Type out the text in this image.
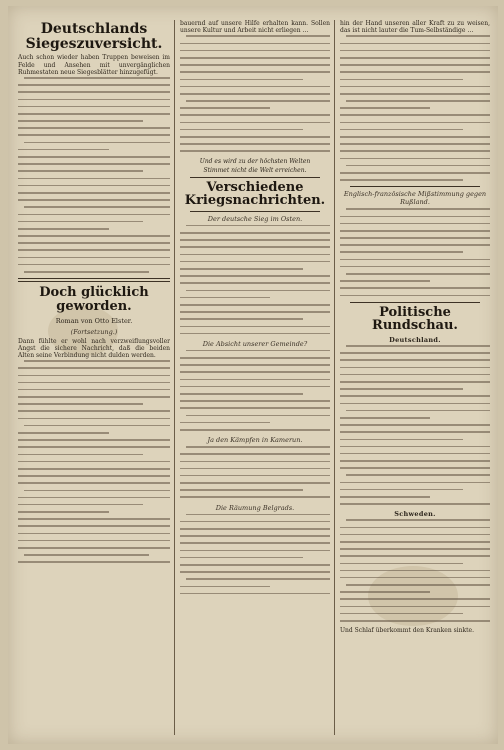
Deutschlands Siegeszuversicht.
Auch schon wieder haben Truppen beweisen im Felde und Ansehen mit unvergänglichen Ruhmestaten neue Siegesblätter hinzugefügt.
Doch glücklich geworden.
Roman von Otto Elster.
(Fortsetzung.)
Dann fühlte er wohl nach verzweiflungsvoller Angst die sichere Nachricht, daß die beiden Alten seine Verbindung nicht dulden werden.
bauernd auf unsere Hilfe erhalten kann. Sollen unsere Kultur und Arbeit nicht erliegen …
Und es wird zu der höchsten Welten
Stimmet nicht die Welt erreichen.
Verschiedene Kriegsnachrichten.
Der deutsche Sieg im Osten.
Die Absicht unserer Gemeinde?
Ja den Kämpfen in Kamerun.
Die Räumung Belgrads.
hin der Hand unseren aller Kraft zu zu weisen, das ist nicht lauter die Tum-Selbständige …
Englisch-französische Mißstimmung gegen Rußland.
Politische Rundschau.
Deutschland.
Schweden.
Und Schlaf überkommt den Kranken sinkte.
